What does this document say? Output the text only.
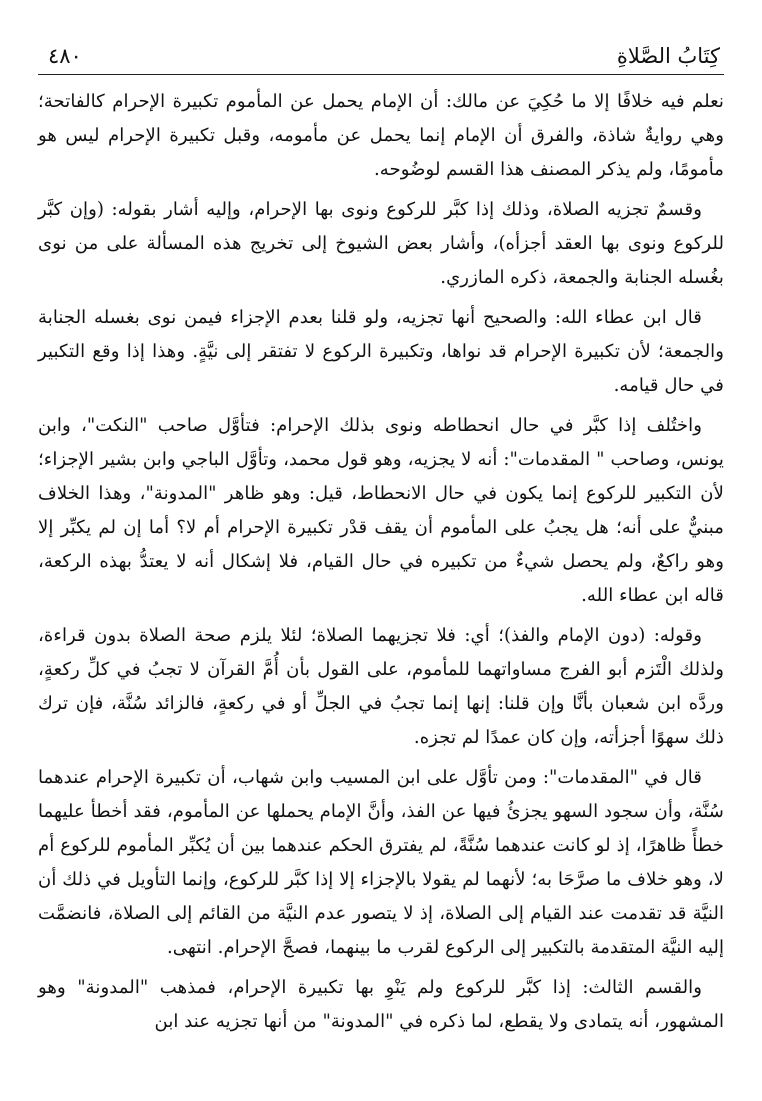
كِتَابُ الصَّلاةِ
٤٨٠

نعلم فيه خلافًا إلا ما حُكِيَ عن مالك: أن الإمام يحمل عن المأموم تكبيرة الإحرام كالفاتحة؛ وهي روايةٌ شاذة، والفرق أن الإمام إنما يحمل عن مأمومه، وقبل تكبيرة الإحرام ليس هو مأمومًا، ولم يذكر المصنف هذا القسم لوضُوحه.

وقسمٌ تجزيه الصلاة، وذلك إذا كبَّر للركوع ونوى بها الإحرام، وإليه أشار بقوله: (وإن كبَّر للركوع ونوى بها العقد أجزأه)، وأشار بعض الشيوخ إلى تخريج هذه المسألة على من نوى بغُسله الجنابة والجمعة، ذكره المازري.

قال ابن عطاء الله: والصحيح أنها تجزيه، ولو قلنا بعدم الإجزاء فيمن نوى بغسله الجنابة والجمعة؛ لأن تكبيرة الإحرام قد نواها، وتكبيرة الركوع لا تفتقر إلى نيَّةٍ. وهذا إذا وقع التكبير في حال قيامه.

واختُلف إذا كبَّر في حال انحطاطه ونوى بذلك الإحرام: فتأوَّل صاحب "النكت"، وابن يونس، وصاحب " المقدمات": أنه لا يجزيه، وهو قول محمد، وتأوَّل الباجي وابن بشير الإجزاء؛ لأن التكبير للركوع إنما يكون في حال الانحطاط، قيل: وهو ظاهر "المدونة"، وهذا الخلاف مبنيٌّ على أنه؛ هل يجبُ على المأموم أن يقف قدْر تكبيرة الإحرام أم لا؟ أما إن لم يكبِّر إلا وهو راكعٌ، ولم يحصل شيءٌ من تكبيره في حال القيام، فلا إشكال أنه لا يعتدُّ بهذه الركعة، قاله ابن عطاء الله.

وقوله: (دون الإمام والفذ)؛ أي: فلا تجزيهما الصلاة؛ لئلا يلزم صحة الصلاة بدون قراءة، ولذلك الْتَزم أبو الفرج مساواتهما للمأموم، على القول بأن أُمَّ القرآن لا تجبُ في كلِّ ركعةٍ، وردَّه ابن شعبان بأنَّا وإن قلنا: إنها إنما تجبُ في الجلِّ أو في ركعةٍ، فالزائد سُنَّة، فإن ترك ذلك سهوًا أجزأته، وإن كان عمدًا لم تجزه.

قال في "المقدمات": ومن تأوَّل على ابن المسيب وابن شهاب، أن تكبيرة الإحرام عندهما سُنَّة، وأن سجود السهو يجزئُ فيها عن الفذ، وأنَّ الإمام يحملها عن المأموم، فقد أخطأ عليهما خطأً ظاهرًا، إذ لو كانت عندهما سُنَّةً، لم يفترق الحكم عندهما بين أن يُكبِّر المأموم للركوع أم لا، وهو خلاف ما صرَّحَا به؛ لأنهما لم يقولا بالإجزاء إلا إذا كبَّر للركوع، وإنما التأويل في ذلك أن النيَّة قد تقدمت عند القيام إلى الصلاة، إذ لا يتصور عدم النيَّة من القائم إلى الصلاة، فانضمَّت إليه النيَّة المتقدمة بالتكبير إلى الركوع لقرب ما بينهما، فصحَّ الإحرام. انتهى.

والقسم الثالث: إذا كبَّر للركوع ولم يَنْوِ بها تكبيرة الإحرام، فمذهب "المدونة" وهو المشهور، أنه يتمادى ولا يقطع، لما ذكره في "المدونة" من أنها تجزيه عند ابن
